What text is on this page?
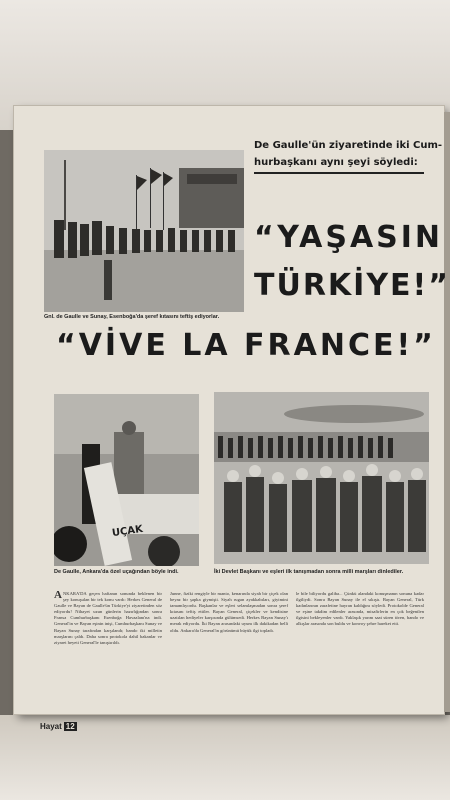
Gnl. de Gaulle ve Sunay, Esenboğa'da şeref kıtasını teftiş ediyorlar.
De Gaulle'ün ziyaretinde iki Cum-
hurbaşkanı aynı şeyi söyledi:
“YAŞASIN
TÜRKİYE!”
“VİVE LA FRANCE!”
UÇAK
De Gaulle, Ankara'da özel uçağından böyle indi.	İki Devlet Başkanı ve eşleri ilk tanışmadan sonra milli marşları dinlediler.
ANKARA'DA geçen haftanın sonunda beklenen bir şey konuşulan bir tek konu vardı: Herkes General de Gaulle ve Bayan de Gaulle'ün Türkiye'yi ziyaretinden söz ediyordu! Nihayet uzun günlerin hazırlığından sonra Fransa Cumhurbaşkanı Esenboğa Havaalanı'na indi. General'in ve Bayan eşinin inişi, Cumhurbaşkanı Sunay ve Bayan Sunay tarafından karşılandı; bando iki milletin marşlarını çaldı. Daha sonra protokola dahil bakanlar ve ziyaret heyeti General'le tanıştırıldı.
Junne, fiziki rengiyle bir manto, kenarında siyah bir çiçek olan beyaz bir şapka giymişti. Siyah rugan ayakkabıları, giyimini tamamlıyordu. Başkanlar ve eşleri selamlaşmadan sonra şeref kıtasını teftiş ettiler. Bayan General, çiçekler ve kendisine uzatılan hediyeler karşısında gülümsedi. Herkes Bayan Sunay'ı merak ediyordu. İki Bayan arasındaki uyum ilk dakikadan belli oldu. Ankara'da General'in görünümü büyük ilgi topladı.
le bile biliyordu galiba... Çünkü alandaki konuşmanın sonuna kadar ilgiliydi. Sonra Bayan Sunay ile el sıkıştı. Bayan General, Türk kadınlarının zarafetine hayran kaldığını söyledi. Protokolde General ve eşine takdim edilenler arasında, misafirlerin en çok beğenilen ilgisini bekleyenler vardı. Yaklaşık yarım saat süren tören, bando ve alkışlar arasında son buldu ve konvoy şehre hareket etti.
Hayat 12
